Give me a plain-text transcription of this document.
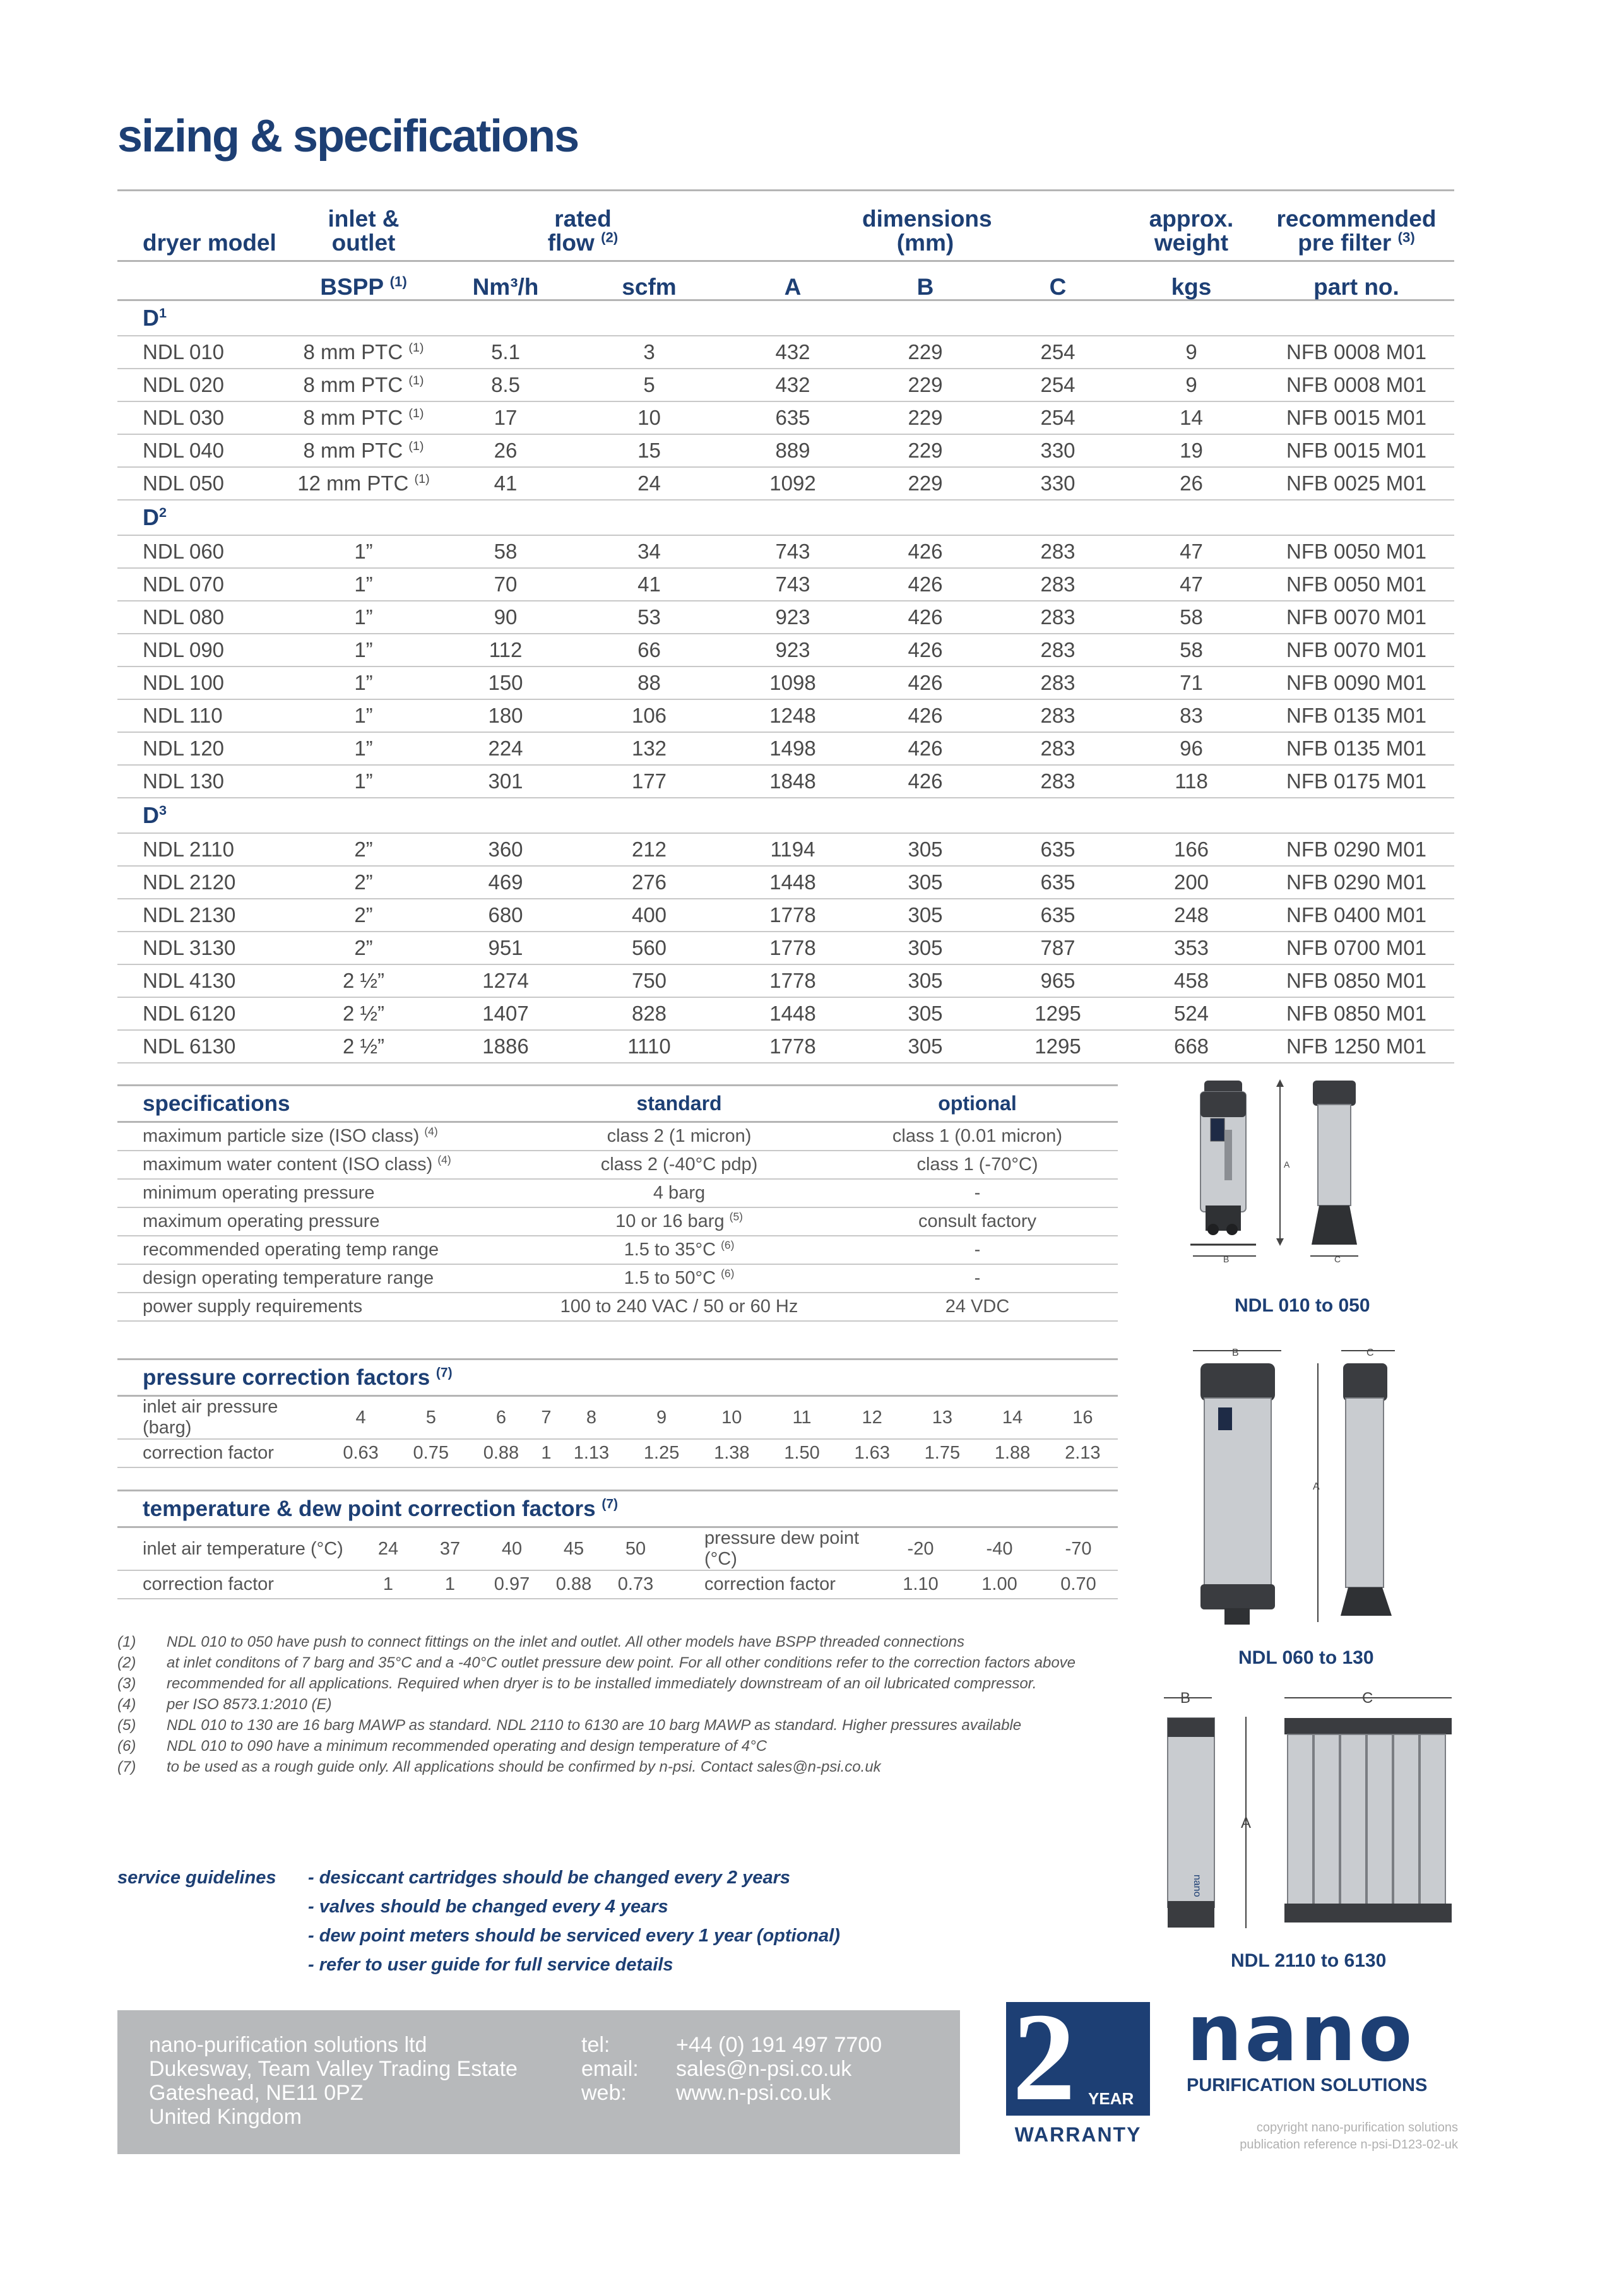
sizing & specifications
dryer model	inlet & outlet	rated flow $^{(2)}$		dimensions (mm)			approx. weight	recommended pre filter $^{(3)}$
	BSPP $^{(1)}$	Nm³/h	scfm	A	B	C	kgs	part no.
$D^1$
NDL 010	8 mm PTC $^{(1)}$	5.1	3	432	229	254	9	NFB 0008 M01
NDL 020	8 mm PTC $^{(1)}$	8.5	5	432	229	254	9	NFB 0008 M01
NDL 030	8 mm PTC $^{(1)}$	17	10	635	229	254	14	NFB 0015 M01
NDL 040	8 mm PTC $^{(1)}$	26	15	889	229	330	19	NFB 0015 M01
NDL 050	12 mm PTC $^{(1)}$	41	24	1092	229	330	26	NFB 0025 M01
$D^2$
NDL 060	1”	58	34	743	426	283	47	NFB 0050 M01
NDL 070	1”	70	41	743	426	283	47	NFB 0050 M01
NDL 080	1”	90	53	923	426	283	58	NFB 0070 M01
NDL 090	1”	112	66	923	426	283	58	NFB 0070 M01
NDL 100	1”	150	88	1098	426	283	71	NFB 0090 M01
NDL 110	1”	180	106	1248	426	283	83	NFB 0135 M01
NDL 120	1”	224	132	1498	426	283	96	NFB 0135 M01
NDL 130	1”	301	177	1848	426	283	118	NFB 0175 M01
$D^3$
NDL 2110	2”	360	212	1194	305	635	166	NFB 0290 M01
NDL 2120	2”	469	276	1448	305	635	200	NFB 0290 M01
NDL 2130	2”	680	400	1778	305	635	248	NFB 0400 M01
NDL 3130	2”	951	560	1778	305	787	353	NFB 0700 M01
NDL 4130	2 ½”	1274	750	1778	305	965	458	NFB 0850 M01
NDL 6120	2 ½”	1407	828	1448	305	1295	524	NFB 0850 M01
NDL 6130	2 ½”	1886	1110	1778	305	1295	668	NFB 1250 M01
specifications	standard	optional
maximum particle size (ISO class) $^{(4)}$	class 2 (1 micron)	class 1 (0.01 micron)
maximum water content (ISO class) $^{(4)}$	class 2 (-40°C pdp)	class 1 (-70°C)
minimum operating pressure	4 barg	-
maximum operating pressure	10 or 16 barg $^{(5)}$	consult factory
recommended operating temp range	1.5 to 35°C $^{(6)}$	-
design operating temperature range	1.5 to 50°C $^{(6)}$	-
power supply requirements	100 to 240 VAC / 50 or 60 Hz	24 VDC
pressure correction factors $^{(7)}$
inlet air pressure (barg)	4	5	6	7	8	9	10	11	12	13	14	16
correction factor	0.63	0.75	0.88	1	1.13	1.25	1.38	1.50	1.63	1.75	1.88	2.13
temperature & dew point correction factors $^{(7)}$
inlet air temperature (°C)	24	37	40	45	50	pressure dew point (°C)	-20	-40	-70
correction factor	1	1	0.97	0.88	0.73	correction factor	1.10	1.00	0.70
(1)	NDL 010 to 050 have push to connect fittings on the inlet and outlet. All other models have BSPP threaded connections
(2)	at inlet conditons of 7 barg and 35°C and a -40°C outlet pressure dew point. For all other conditions refer to the correction factors above
(3)	recommended for all applications. Required when dryer is to be installed immediately downstream of an oil lubricated compressor.
(4)	per ISO 8573.1:2010 (E)
(5)	NDL 010 to 130 are 16 barg MAWP as standard. NDL 2110 to 6130 are 10 barg MAWP as standard. Higher pressures available
(6)	NDL 010 to 090 have a minimum recommended operating and design temperature of 4°C
(7)	to be used as a rough guide only. All applications should be confirmed by n-psi. Contact sales@n-psi.co.uk
service guidelines	- desiccant cartridges should be changed every 2 years
- valves should be changed every 4 years
- dew point meters should be serviced every 1 year (optional)
- refer to user guide for full service details
A
B	C
NDL 010 to 050
B	C
A
NDL 060 to 130
B	C
nano
A
NDL 2110 to 6130
nano-purification solutions ltd
Dukesway, Team Valley Trading Estate
Gateshead, NE11 0PZ
United Kingdom
tel:	+44 (0) 191 497 7700
email:	sales@n-psi.co.uk
web:	www.n-psi.co.uk 2 YEAR
WARRANTY
nano
PURIFICATION SOLUTIONS
copyright nano-purification solutions
publication reference n-psi-D123-02-uk
